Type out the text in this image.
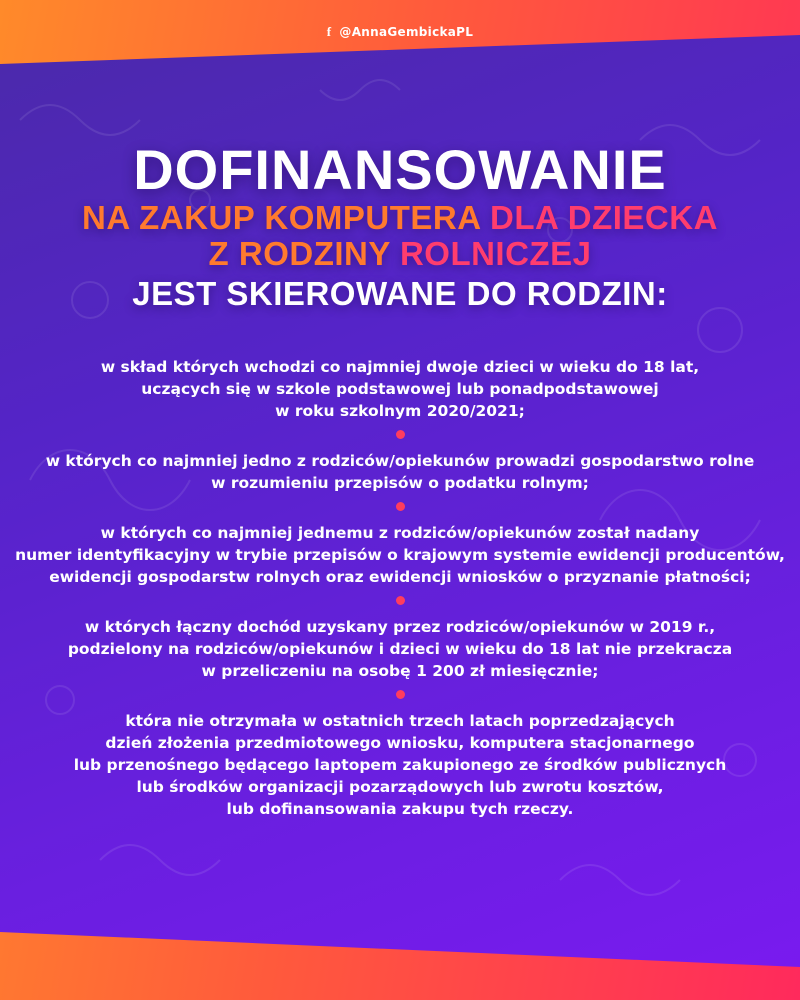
f @AnnaGembickaPL
DOFINANSOWANIE
NA ZAKUP KOMPUTERA DLA DZIECKA
Z RODZINY ROLNICZEJ
JEST SKIEROWANE DO RODZIN:
w skład których wchodzi co najmniej dwoje dzieci w wieku do 18 lat,
uczących się w szkole podstawowej lub ponadpodstawowej
w roku szkolnym 2020/2021;
w których co najmniej jedno z rodziców/opiekunów prowadzi gospodarstwo rolne
w rozumieniu przepisów o podatku rolnym;
w których co najmniej jednemu z rodziców/opiekunów został nadany
numer identyfikacyjny w trybie przepisów o krajowym systemie ewidencji producentów,
ewidencji gospodarstw rolnych oraz ewidencji wniosków o przyznanie płatności;
w których łączny dochód uzyskany przez rodziców/opiekunów w 2019 r.,
podzielony na rodziców/opiekunów i dzieci w wieku do 18 lat nie przekracza
w przeliczeniu na osobę 1 200 zł miesięcznie;
która nie otrzymała w ostatnich trzech latach poprzedzających
dzień złożenia przedmiotowego wniosku, komputera stacjonarnego
lub przenośnego będącego laptopem zakupionego ze środków publicznych
lub środków organizacji pozarządowych lub zwrotu kosztów,
lub dofinansowania zakupu tych rzeczy.
